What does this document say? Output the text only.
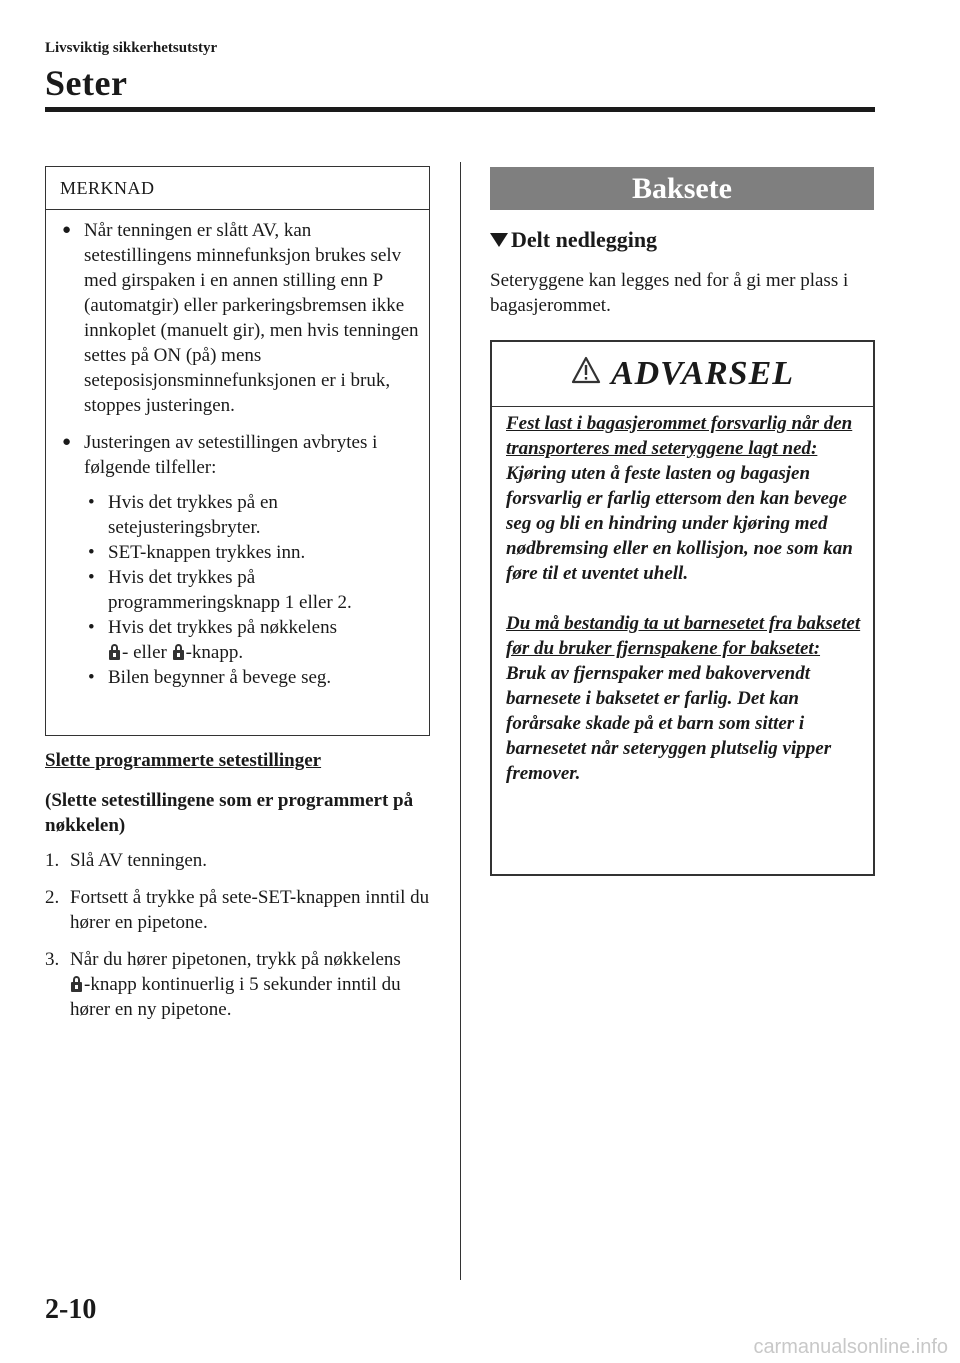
Livsviktig sikkerhetsutstyr
Seter
MERKNAD
● Når tenningen er slått AV, kan setestillingens minnefunksjon brukes selv med girspaken i en annen stilling enn P (automatgir) eller parkeringsbremsen ikke innkoplet (manuelt gir), men hvis tenningen settes på ON (på) mens seteposisjonsminnefunksjonen er i bruk, stoppes justeringen.
● Justeringen av setestillingen avbrytes i følgende tilfeller:
• Hvis det trykkes på en setejusteringsbryter.
• SET-knappen trykkes inn.
• Hvis det trykkes på programmeringsknapp 1 eller 2.
• Hvis det trykkes på nøkkelens

- eller -knapp.
• Bilen begynner å bevege seg.
Slette programmerte setestillinger
(Slette setestillingene som er programmert på nøkkelen)
1. Slå AV tenningen.
2. Fortsett å trykke på sete-SET-knappen inntil du hører en pipetone.
3. Når du hører pipetonen, trykk på nøkkelens

-knapp kontinuerlig i 5 sekunder inntil du hører en ny pipetone.
Baksete
Delt nedlegging
Seteryggene kan legges ned for å gi mer plass i bagasjerommet.
ADVARSEL
Fest last i bagasjerommet forsvarlig når den transporteres med seteryggene lagt ned:
Kjøring uten å feste lasten og bagasjen forsvarlig er farlig ettersom den kan bevege seg og bli en hindring under kjøring med nødbremsing eller en kollisjon, noe som kan føre til et uventet uhell.
Du må bestandig ta ut barnesetet fra baksetet før du bruker fjernspakene for baksetet:
Bruk av fjernspaker med bakovervendt barnesete i baksetet er farlig. Det kan forårsake skade på et barn som sitter i barnesetet når seteryggen plutselig vipper fremover.
2-10
carmanualsonline.info
